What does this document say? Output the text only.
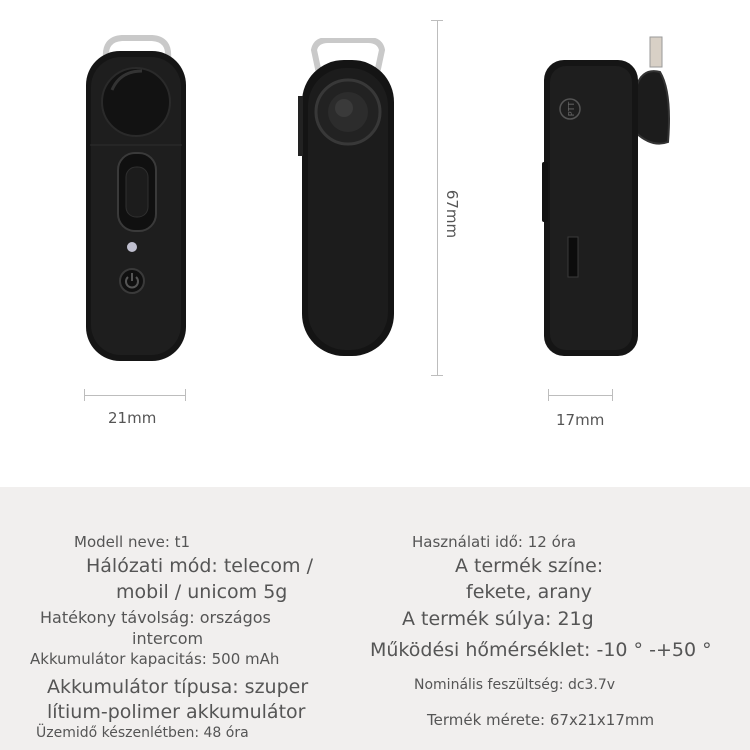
PTT
21mm
67mm
17mm
Modell neve: t1
Hálózati mód: telecom /
mobil / unicom 5g
Hatékony távolság: országos
intercom
Akkumulátor kapacitás: 500 mAh
Akkumulátor típusa: szuper
lítium-polimer akkumulátor
Üzemidő készenlétben: 48 óra
Használati idő: 12 óra
A termék színe:
fekete, arany
A termék súlya: 21g
Működési hőmérséklet: -10 ° -+50 °
Nominális feszültség: dc3.7v
Termék mérete: 67x21x17mm
